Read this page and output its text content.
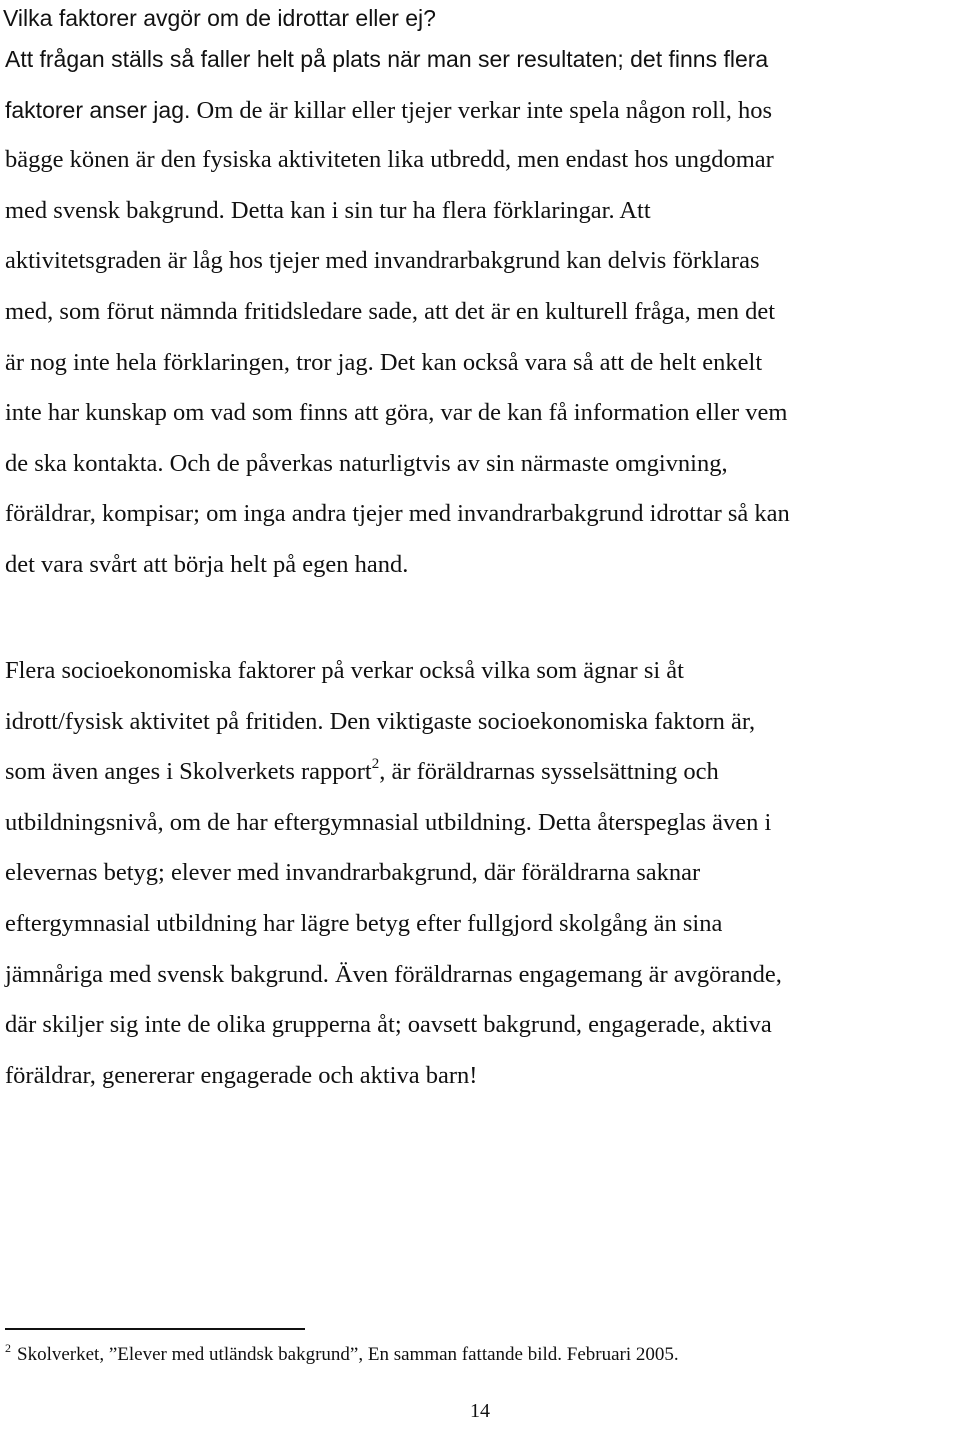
Vilka faktorer avgör om de idrottar eller ej?
Att frågan ställs så faller helt på plats när man ser resultaten; det finns flera
faktorer anser jag. Om de är killar eller tjejer verkar inte spela någon roll, hos
bägge könen är den fysiska aktiviteten lika utbredd, men endast hos ungdomar
med svensk bakgrund. Detta kan i sin tur ha flera förklaringar. Att
aktivitetsgraden är låg hos tjejer med invandrarbakgrund kan delvis förklaras
med, som förut nämnda fritidsledare sade, att det är en kulturell fråga, men det
är nog inte hela förklaringen, tror jag. Det kan också vara så att de helt enkelt
inte har kunskap om vad som finns att göra, var de kan få information eller vem
de ska kontakta. Och de påverkas naturligtvis av sin närmaste omgivning,
föräldrar, kompisar; om inga andra tjejer med invandrarbakgrund idrottar så kan
det vara svårt att börja helt på egen hand.
Flera socioekonomiska faktorer på verkar också vilka som ägnar si åt
idrott/fysisk aktivitet på fritiden. Den viktigaste socioekonomiska faktorn är,
som även anges i Skolverkets rapport$^2$, är föräldrarnas sysselsättning och
utbildningsnivå, om de har eftergymnasial utbildning. Detta återspeglas även i
elevernas betyg; elever med invandrarbakgrund, där föräldrarna saknar
eftergymnasial utbildning har lägre betyg efter fullgjord skolgång än sina
jämnåriga med svensk bakgrund. Även föräldrarnas engagemang är avgörande,
där skiljer sig inte de olika grupperna åt; oavsett bakgrund, engagerade, aktiva
föräldrar, genererar engagerade och aktiva barn!
$^2$ Skolverket, ”Elever med utländsk bakgrund”, En samman fattande bild. Februari 2005.
14
